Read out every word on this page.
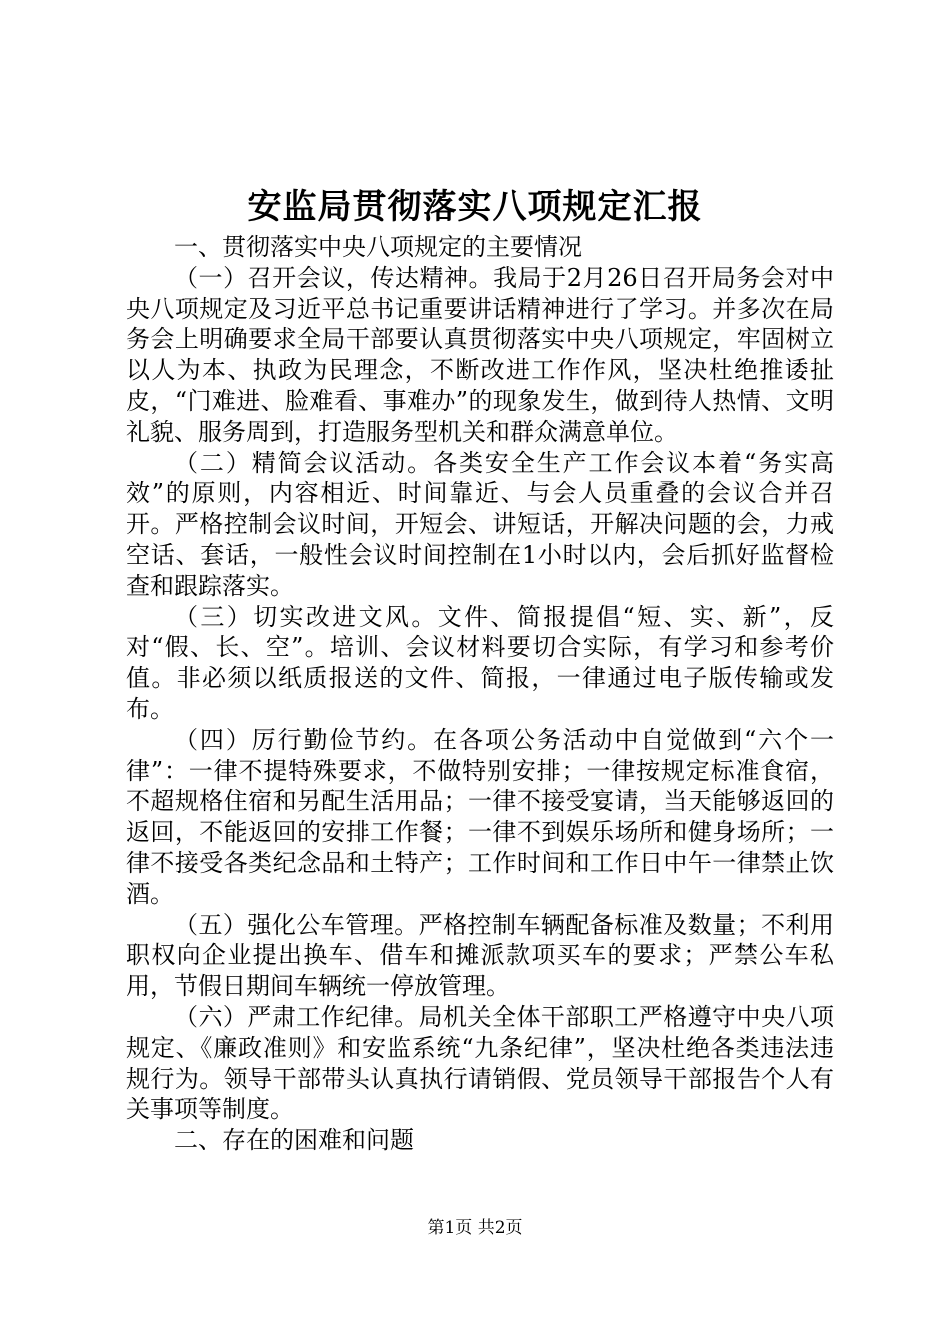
安监局贯彻落实八项规定汇报

一、贯彻落实中央八项规定的主要情况

（一）召开会议，传达精神。我局于2月26日召开局务会对中央八项规定及习近平总书记重要讲话精神进行了学习。并多次在局务会上明确要求全局干部要认真贯彻落实中央八项规定，牢固树立以人为本、执政为民理念，不断改进工作作风，坚决杜绝推诿扯皮，“门难进、脸难看、事难办”的现象发生，做到待人热情、文明礼貌、服务周到，打造服务型机关和群众满意单位。

（二）精简会议活动。各类安全生产工作会议本着“务实高效”的原则，内容相近、时间靠近、与会人员重叠的会议合并召开。严格控制会议时间，开短会、讲短话，开解决问题的会，力戒空话、套话，一般性会议时间控制在1小时以内，会后抓好监督检查和跟踪落实。

（三）切实改进文风。文件、简报提倡“短、实、新”，反对“假、长、空”。培训、会议材料要切合实际，有学习和参考价值。非必须以纸质报送的文件、简报，一律通过电子版传输或发布。

（四）厉行勤俭节约。在各项公务活动中自觉做到“六个一律”：一律不提特殊要求，不做特别安排；一律按规定标准食宿，不超规格住宿和另配生活用品；一律不接受宴请，当天能够返回的返回，不能返回的安排工作餐；一律不到娱乐场所和健身场所；一律不接受各类纪念品和土特产；工作时间和工作日中午一律禁止饮酒。

（五）强化公车管理。严格控制车辆配备标准及数量；不利用职权向企业提出换车、借车和摊派款项买车的要求；严禁公车私用，节假日期间车辆统一停放管理。

（六）严肃工作纪律。局机关全体干部职工严格遵守中央八项规定、《廉政准则》和安监系统“九条纪律”，坚决杜绝各类违法违规行为。领导干部带头认真执行请销假、党员领导干部报告个人有关事项等制度。

二、存在的困难和问题

第1页 共2页
